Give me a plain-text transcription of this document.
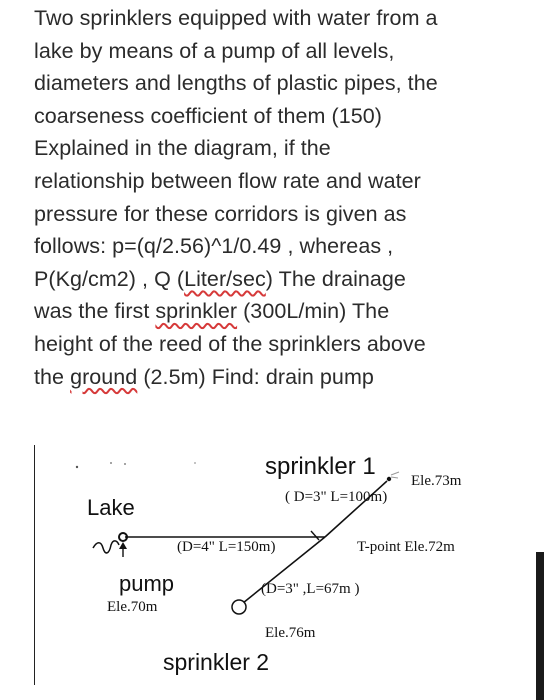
Two sprinklers equipped with water from a
lake by means of a pump of all levels,
diameters and lengths of plastic pipes, the
coarseness coefficient of them (150)
Explained in the diagram, if the
relationship between flow rate and water
pressure for these corridors is given as
follows: p=(q/2.56)^1/0.49 , whereas ,
P(Kg/cm2) , Q (Liter/sec) The drainage
was the first sprinkler (300L/min) The
height of the reed of the sprinklers above
the ground (2.5m) Find: drain pump
sprinkler 1
Ele.73m
( D=3" L=100m)
Lake
(D=4" L=150m)	T-point Ele.72m
pump	(D=3" ,L=67m )
Ele.70m
Ele.76m
sprinkler 2
